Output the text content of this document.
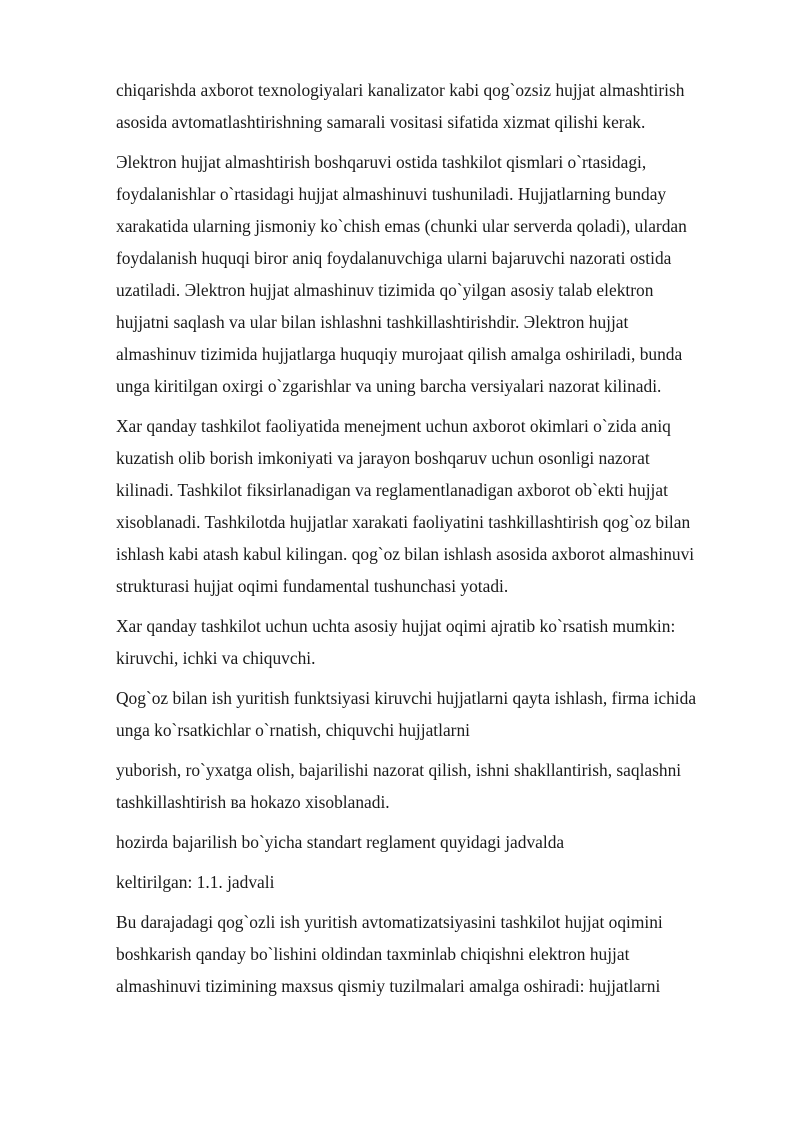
chiqarishda axborot texnologiyalari kanalizator kabi qog`ozsiz hujjat almashtirish
asosida avtomatlashtirishning samarali vositasi sifatida xizmat qilishi kerak.

Эlektron hujjat almashtirish boshqaruvi ostida tashkilot qismlari o`rtasidagi,
foydalanishlar o`rtasidagi hujjat almashinuvi tushuniladi. Hujjatlarning bunday
xarakatida ularning jismoniy ko`chish emas (chunki ular serverda qoladi), ulardan
foydalanish huquqi biror aniq foydalanuvchiga ularni bajaruvchi nazorati ostida
uzatiladi. Эlektron hujjat almashinuv tizimida qo`yilgan asosiy talab elektron
hujjatni saqlash va ular bilan ishlashni tashkillashtirishdir. Эlektron hujjat
almashinuv tizimida hujjatlarga huquqiy murojaat qilish amalga oshiriladi, bunda
unga kiritilgan oxirgi o`zgarishlar va uning barcha versiyalari nazorat kilinadi.

Xar qanday tashkilot faoliyatida menejment uchun axborot okimlari o`zida aniq
kuzatish olib borish imkoniyati va jarayon boshqaruv uchun osonligi nazorat
kilinadi. Tashkilot fiksirlanadigan va reglamentlanadigan axborot ob`ekti hujjat
xisoblanadi. Tashkilotda hujjatlar xarakati faoliyatini tashkillashtirish qog`oz bilan
ishlash kabi atash kabul kilingan. qog`oz bilan ishlash asosida axborot almashinuvi
strukturasi hujjat oqimi fundamental tushunchasi yotadi.

Xar qanday tashkilot uchun uchta asosiy hujjat oqimi ajratib ko`rsatish mumkin:
kiruvchi, ichki va chiquvchi.

Qog`oz bilan ish yuritish funktsiyasi kiruvchi hujjatlarni qayta ishlash, firma ichida
unga ko`rsatkichlar o`rnatish, chiquvchi hujjatlarni

yuborish, ro`yxatga olish, bajarilishi nazorat qilish, ishni shakllantirish, saqlashni
tashkillashtirish ва hokazo xisoblanadi.

hozirda bajarilish bo`yicha standart reglament quyidagi jadvalda

keltirilgan: 1.1. jadvali

Bu darajadagi qog`ozli ish yuritish avtomatizatsiyasini tashkilot hujjat oqimini
boshkarish qanday bo`lishini oldindan taxminlab chiqishni elektron hujjat
almashinuvi tizimining maxsus qismiy tuzilmalari amalga oshiradi: hujjatlarni
